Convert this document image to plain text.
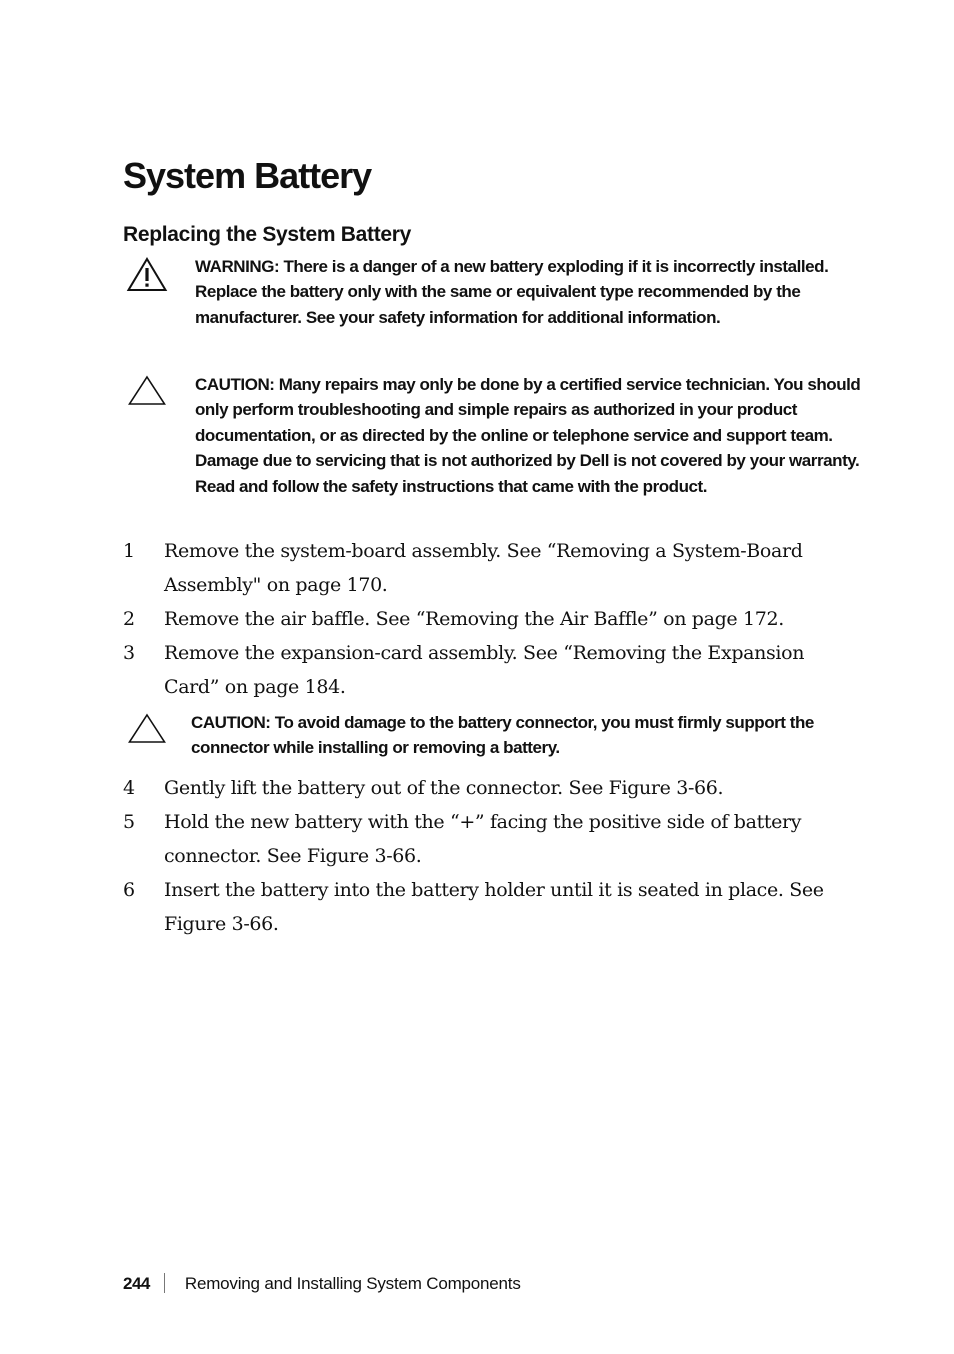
System Battery
Replacing the System Battery

WARNING: There is a danger of a new battery exploding if it is incorrectly installed. Replace the battery only with the same or equivalent type recommended by the manufacturer. See your safety information for additional information.

CAUTION: Many repairs may only be done by a certified service technician. You should only perform troubleshooting and simple repairs as authorized in your product documentation, or as directed by the online or telephone service and support team. Damage due to servicing that is not authorized by Dell is not covered by your warranty. Read and follow the safety instructions that came with the product.

1 Remove the system-board assembly. See “Removing a System-Board Assembly" on page 170.
2 Remove the air baffle. See “Removing the Air Baffle” on page 172.
3 Remove the expansion-card assembly. See “Removing the Expansion Card” on page 184.

CAUTION: To avoid damage to the battery connector, you must firmly support the connector while installing or removing a battery.

4 Gently lift the battery out of the connector. See Figure 3-66.
5 Hold the new battery with the “+” facing the positive side of battery connector. See Figure 3-66.
6 Insert the battery into the battery holder until it is seated in place. See Figure 3-66.
244 Removing and Installing System Components
